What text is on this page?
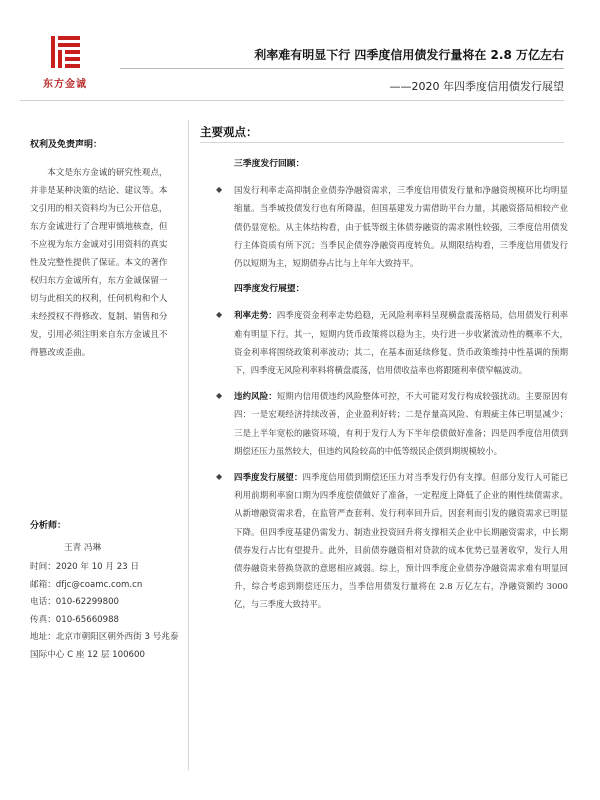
东方金诚
利率难有明显下行 四季度信用债发行量将在 2.8 万亿左右
——2020 年四季度信用债发行展望
权利及免责声明：
本文是东方金诚的研究性观点，并非是某种决策的结论、建议等。本文引用的相关资料均为已公开信息，东方金诚进行了合理审慎地核查，但不应视为东方金诚对引用资料的真实性及完整性提供了保证。本文的著作权归东方金诚所有，东方金诚保留一切与此相关的权利，任何机构和个人未经授权不得修改、复制、销售和分发，引用必须注明来自东方金诚且不得篡改或歪曲。
分析师：
王青 冯琳
时间：2020 年 10 月 23 日
邮箱：dfjc@coamc.com.cn
电话：010-62299800
传真：010-65660988
地址：北京市朝阳区朝外西街 3 号兆泰国际中心 C 座 12 层 100600
主要观点：
三季度发行回顾：
◆ 国发行利率走高抑制企业债券净融资需求，三季度信用债发行量和净融资规模环比均明显缩量。当季城投债发行也有所降温，但国基建发力需借助平台力量，其融资搭局相较产业债仍显宽松。从主体结构看，由于低等级主体债券融资的需求刚性较强，三季度信用债发行主体资质有所下沉；当季民企债券净融资再度转负。从期限结构看，三季度信用债发行仍以短期为主，短期债券占比与上年年大致持平。
四季度发行展望：
◆ 利率走势：四季度资金利率走势趋稳，无风险利率料呈现横盘震荡格局，信用债发行利率难有明显下行。其一，短期内货币政策将以稳为主，央行进一步收紧流动性的概率不大，资金利率将围绕政策利率波动；其二，在基本面延续修复、货币政策维持中性基调的预期下，四季度无风险利率料将横盘震荡，信用债收益率也将跟随利率债窄幅波动。
◆ 违约风险：短期内信用债违约风险整体可控，不大可能对发行构成较强扰动。主要原因有四：一是宏观经济持续改善，企业盈利好转；二是存量高风险、有瑕疵主体已明显减少；三是上半年宽松的融资环境，有利于发行人为下半年偿债做好准备；四是四季度信用债到期偿还压力虽然较大，但违约风险较高的中低等级民企债到期规模较小。
◆ 四季度发行展望：四季度信用债到期偿还压力对当季发行仍有支撑。但部分发行人可能已利用前期利率窗口期为四季度偿债做好了准备，一定程度上降低了企业的刚性续债需求。从新增融资需求看，在监管严查套利、发行利率回升后，因套利而引发的融资需求已明显下降。但四季度基建仍需发力、制造业投资回升将支撑相关企业中长期融资需求，中长期债券发行占比有望提升。此外，目前债券融资相对贷款的成本优势已显著收窄，发行人用债券融资来替换贷款的意愿相应减弱。综上，预计四季度企业债券净融资需求难有明显回升，综合考虑到期偿还压力，当季信用债发行量将在 2.8 万亿左右，净融资额约 3000 亿，与三季度大致持平。
